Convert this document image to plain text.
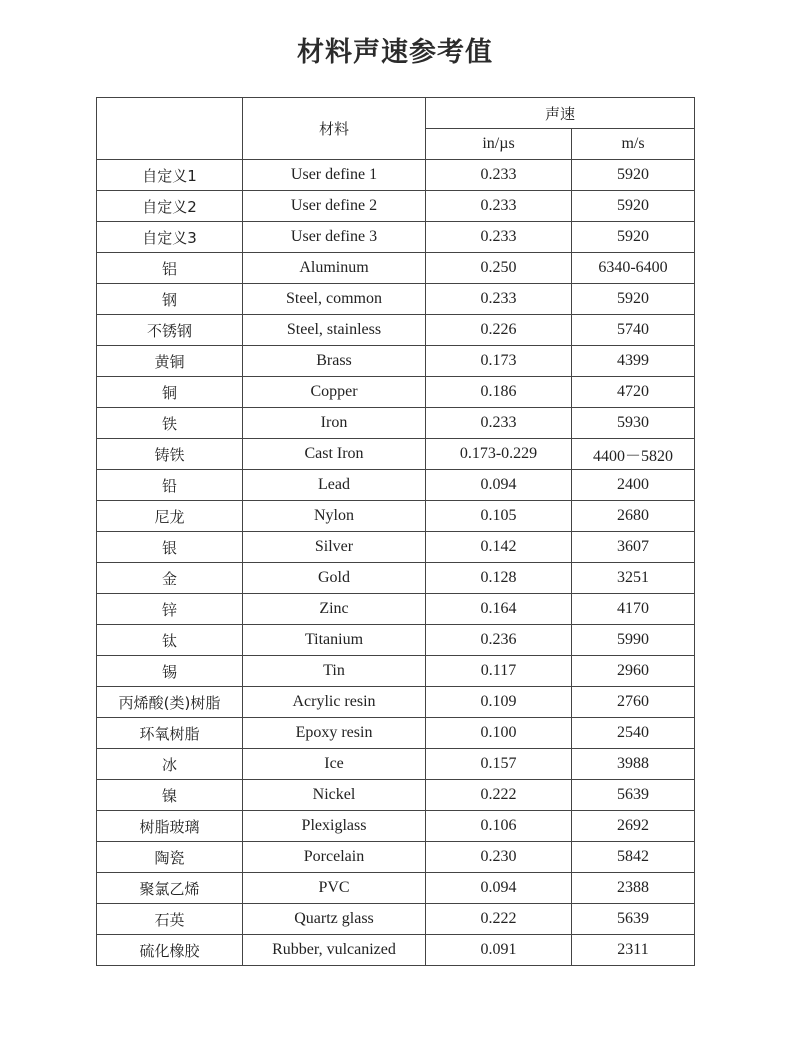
材料声速参考值
	材料	声速	
		in/µs	m/s
自定义1	User define 1	0.233	5920
自定义2	User define 2	0.233	5920
自定义3	User define 3	0.233	5920
铝	Aluminum	0.250	6340-6400
钢	Steel, common	0.233	5920
不锈钢	Steel, stainless	0.226	5740
黄铜	Brass	0.173	4399
铜	Copper	0.186	4720
铁	Iron	0.233	5930
铸铁	Cast Iron	0.173-0.229	4400－5820
铅	Lead	0.094	2400
尼龙	Nylon	0.105	2680
银	Silver	0.142	3607
金	Gold	0.128	3251
锌	Zinc	0.164	4170
钛	Titanium	0.236	5990
锡	Tin	0.117	2960
丙烯酸(类)树脂	Acrylic resin	0.109	2760
环氧树脂	Epoxy resin	0.100	2540
冰	Ice	0.157	3988
镍	Nickel	0.222	5639
树脂玻璃	Plexiglass	0.106	2692
陶瓷	Porcelain	0.230	5842
聚氯乙烯	PVC	0.094	2388
石英	Quartz glass	0.222	5639
硫化橡胶	Rubber, vulcanized	0.091	2311
